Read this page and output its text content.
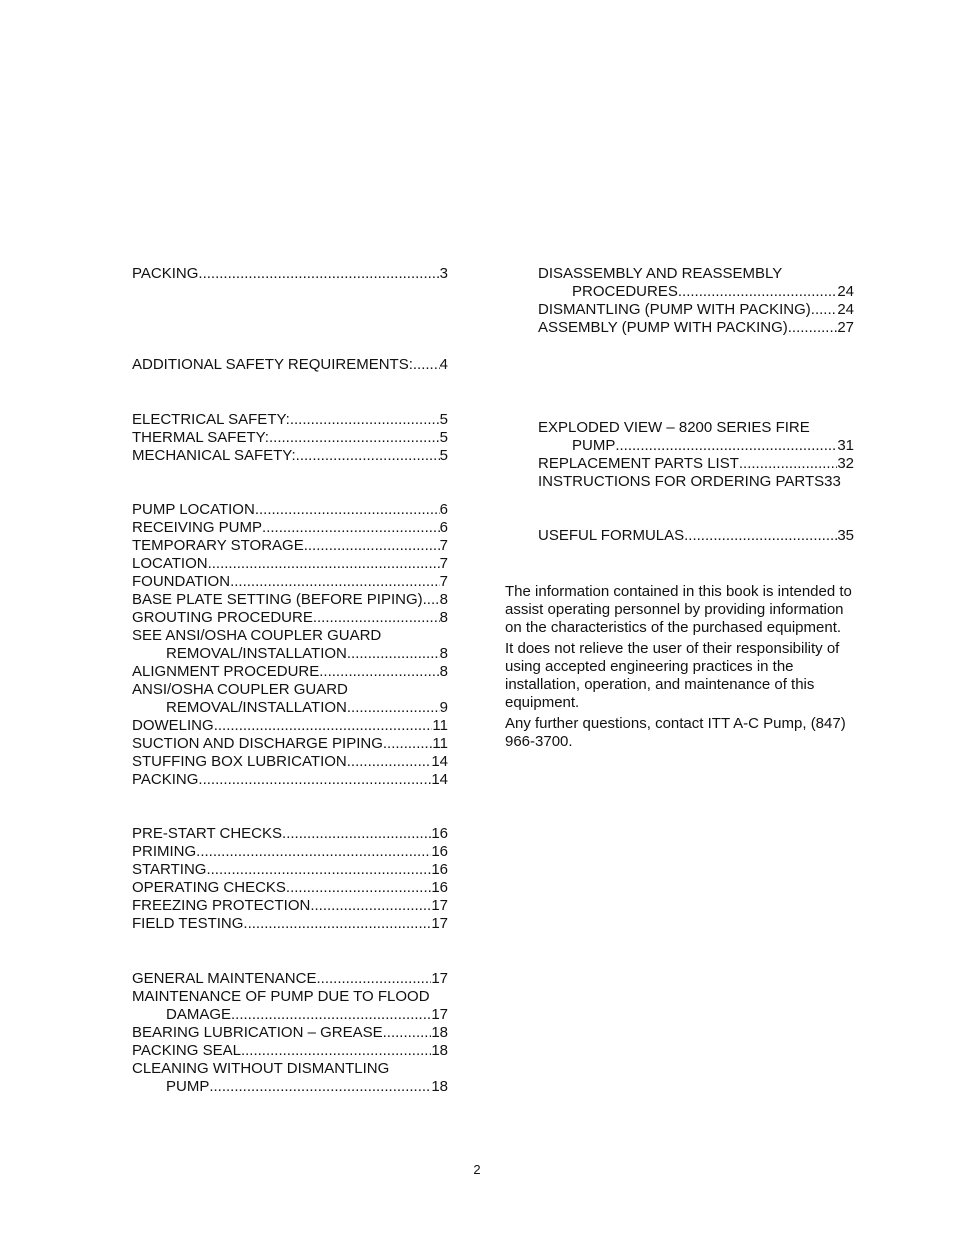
PACKING .....	3
ADDITIONAL SAFETY REQUIREMENTS: ..... 4
ELECTRICAL SAFETY: .....	5
THERMAL SAFETY: .....	5
MECHANICAL SAFETY: .....	5
PUMP LOCATION .....	6
RECEIVING PUMP .....	6
TEMPORARY STORAGE .....	7
LOCATION .....	7
FOUNDATION .....	7
BASE PLATE SETTING (BEFORE PIPING) ..... 8
GROUTING PROCEDURE .....	8
SEE ANSI/OSHA COUPLER GUARD
REMOVAL/INSTALLATION .....	8
ALIGNMENT PROCEDURE .....	8
ANSI/OSHA COUPLER GUARD
REMOVAL/INSTALLATION .....	9
DOWELING .....	11
SUCTION AND DISCHARGE PIPING .....	11
STUFFING BOX LUBRICATION .....	14
PACKING .....	14
PRE-START CHECKS .....	16
PRIMING .....	16
STARTING .....	16
OPERATING CHECKS .....	16
FREEZING PROTECTION .....	17
FIELD TESTING .....	17
GENERAL MAINTENANCE .....	17
MAINTENANCE OF PUMP DUE TO FLOOD
DAMAGE .....	17
BEARING LUBRICATION – GREASE .....	18
PACKING SEAL .....	18
CLEANING WITHOUT DISMANTLING
PUMP .....	18
DISASSEMBLY AND REASSEMBLY
PROCEDURES .....	24
DISMANTLING (PUMP WITH PACKING) ..... 24
ASSEMBLY (PUMP WITH PACKING) .....	27
EXPLODED VIEW – 8200 SERIES FIRE
PUMP .....	31
REPLACEMENT PARTS LIST .....	32
INSTRUCTIONS FOR ORDERING PARTS 33
USEFUL FORMULAS .....	35

The information contained in this book is intended to assist operating personnel by providing information on the characteristics of the purchased equipment.

It does not relieve the user of their responsibility of using accepted engineering practices in the installation, operation, and maintenance of this equipment.

Any further questions, contact ITT A-C Pump, (847) 966-3700.

2
